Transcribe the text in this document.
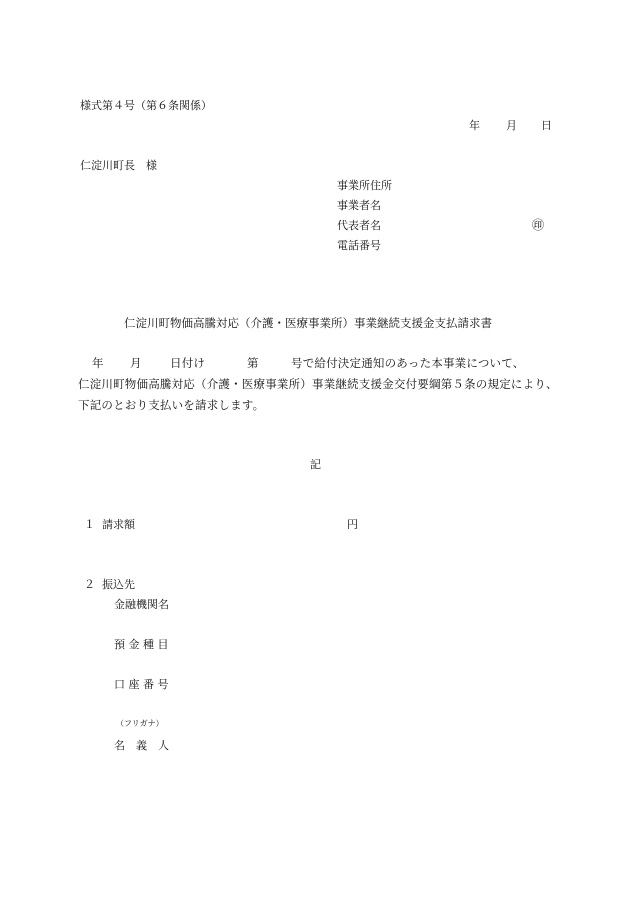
様式第４号（第６条関係）
年 月 日
仁淀川町長　様
事業所住所
事業者名
代表者名	㊞
電話番号
仁淀川町物価高騰対応（介護・医療事業所）事業継続支援金支払請求書
年 月 日付け	第	号で給付決定通知のあった本事業について、
仁淀川町物価高騰対応（介護・医療事業所）事業継続支援金交付要綱第５条の規定により、
下記のとおり支払いを請求します。
記
１ 請求額	円
２ 振込先
金融機関名
預 金 種 目
口 座 番 号
（フリガナ）
名　義　人
